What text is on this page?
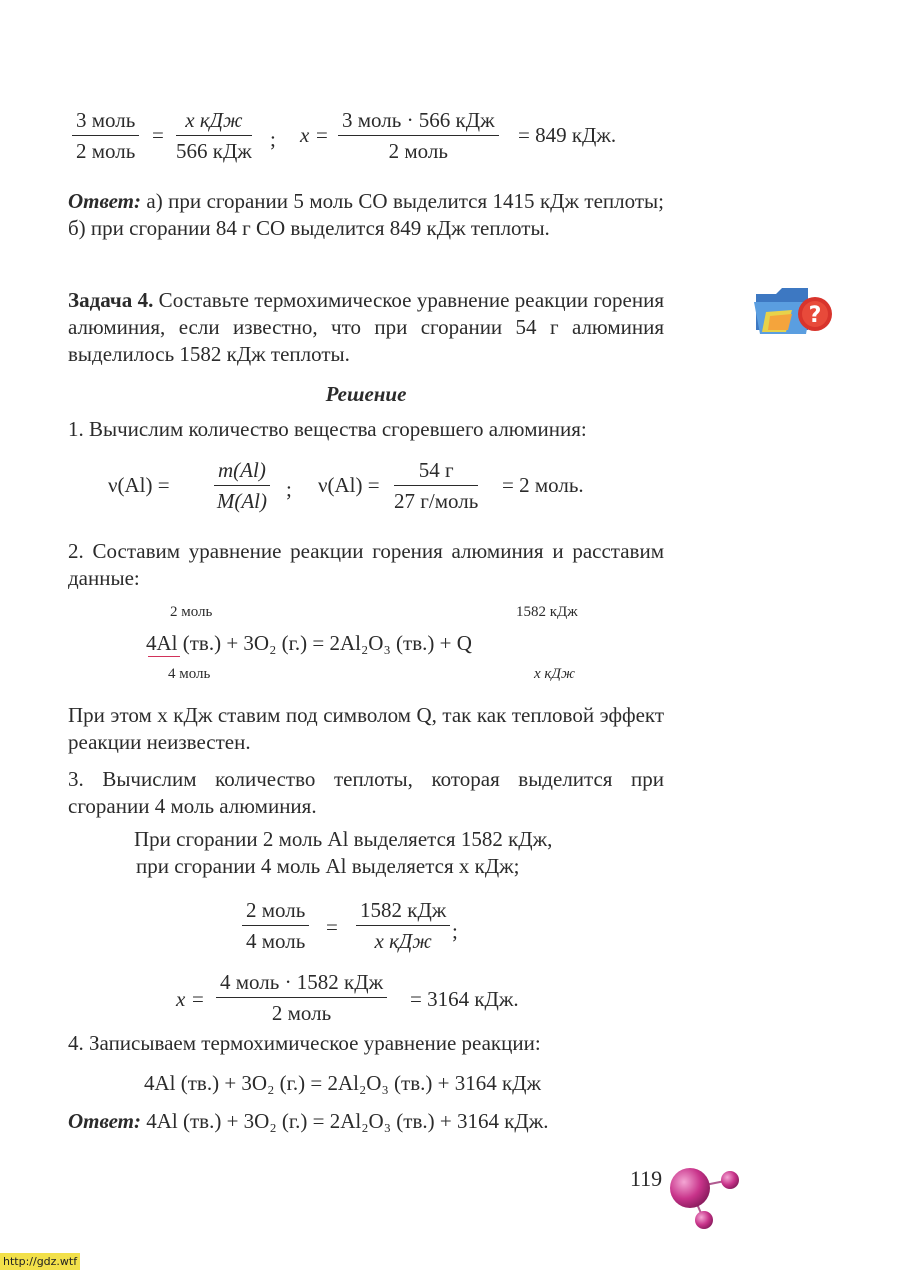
3 моль
2 моль
=
x кДж
566 кДж ; x =
3 моль · 566 кДж
2 моль
= 849 кДж.
Ответ: а) при сгорании 5 моль СО выделится 1415 кДж теплоты; б) при сгорании 84 г СО выделится 849 кДж теплоты.
Задача 4. Составьте термохимическое уравнение реакции горения алюминия, если известно, что при сгорании 54 г алюминия выделилось 1582 кДж теплоты.
?
Решение
1. Вычислим количество вещества сгоревшего алюминия:
$\nu(Al) = \frac{m(Al)}{M(Al)}$ ; ν(Al) =
54 г
27 г/моль
= 2 моль.
2. Составим уравнение реакции горения алюминия и расставим данные:
2 моль	1582 кДж
4Al (тв.) + 3O₂ (г.) = 2Al₂O₃ (тв.) + Q
4 моль	x кДж
При этом x кДж ставим под символом Q, так как тепловой эффект реакции неизвестен.
3. Вычислим количество теплоты, которая выделится при сгорании 4 моль алюминия.
При сгорании 2 моль Al выделяется 1582 кДж,
при сгорании 4 моль Al выделяется x кДж;
2 моль
4 моль
=
1582 кДж
x кДж ;
x =
4 моль · 1582 кДж
2 моль
= 3164 кДж.
4. Записываем термохимическое уравнение реакции:
4Al (тв.) + 3O₂ (г.) = 2Al₂O₃ (тв.) + 3164 кДж
Ответ: 4Al (тв.) + 3O₂ (г.) = 2Al₂O₃ (тв.) + 3164 кДж.
119
http://gdz.wtf
